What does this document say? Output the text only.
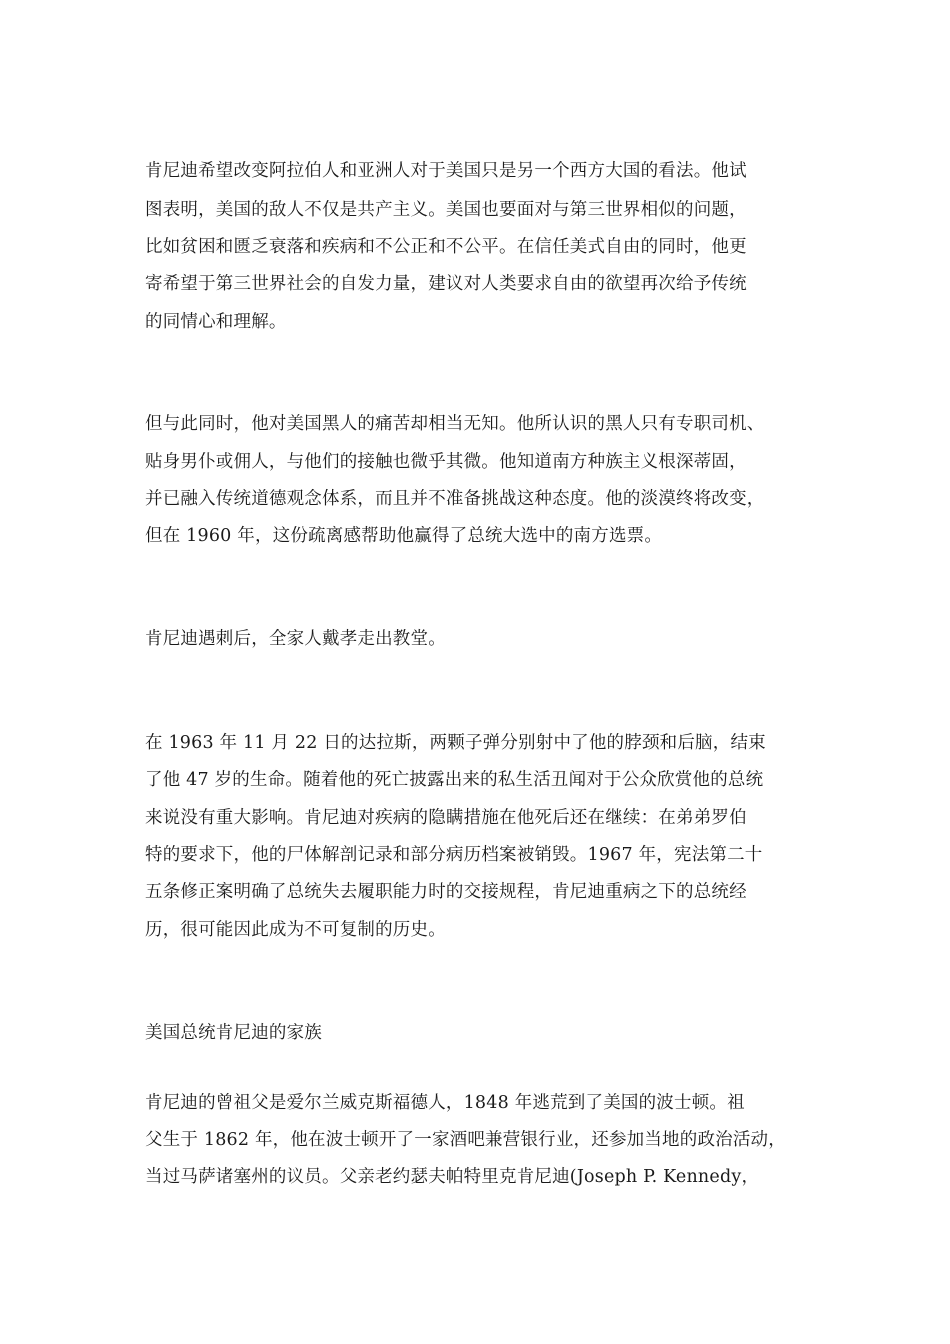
肯尼迪希望改变阿拉伯人和亚洲人对于美国只是另一个西方大国的看法。他试
图表明，美国的敌人不仅是共产主义。美国也要面对与第三世界相似的问题，
比如贫困和匮乏衰落和疾病和不公正和不公平。在信任美式自由的同时，他更
寄希望于第三世界社会的自发力量，建议对人类要求自由的欲望再次给予传统
的同情心和理解。
但与此同时，他对美国黑人的痛苦却相当无知。他所认识的黑人只有专职司机、
贴身男仆或佣人，与他们的接触也微乎其微。他知道南方种族主义根深蒂固，
并已融入传统道德观念体系，而且并不准备挑战这种态度。他的淡漠终将改变，
但在 1960 年，这份疏离感帮助他赢得了总统大选中的南方选票。
肯尼迪遇刺后，全家人戴孝走出教堂。
在 1963 年 11 月 22 日的达拉斯，两颗子弹分别射中了他的脖颈和后脑，结束
了他 47 岁的生命。随着他的死亡披露出来的私生活丑闻对于公众欣赏他的总统
来说没有重大影响。肯尼迪对疾病的隐瞒措施在他死后还在继续：在弟弟罗伯
特的要求下，他的尸体解剖记录和部分病历档案被销毁。1967 年，宪法第二十
五条修正案明确了总统失去履职能力时的交接规程，肯尼迪重病之下的总统经
历，很可能因此成为不可复制的历史。
美国总统肯尼迪的家族
肯尼迪的曾祖父是爱尔兰威克斯福德人，1848 年逃荒到了美国的波士顿。祖
父生于 1862 年，他在波士顿开了一家酒吧兼营银行业，还参加当地的政治活动，
当过马萨诸塞州的议员。父亲老约瑟夫帕特里克肯尼迪(Joseph P. Kennedy，
